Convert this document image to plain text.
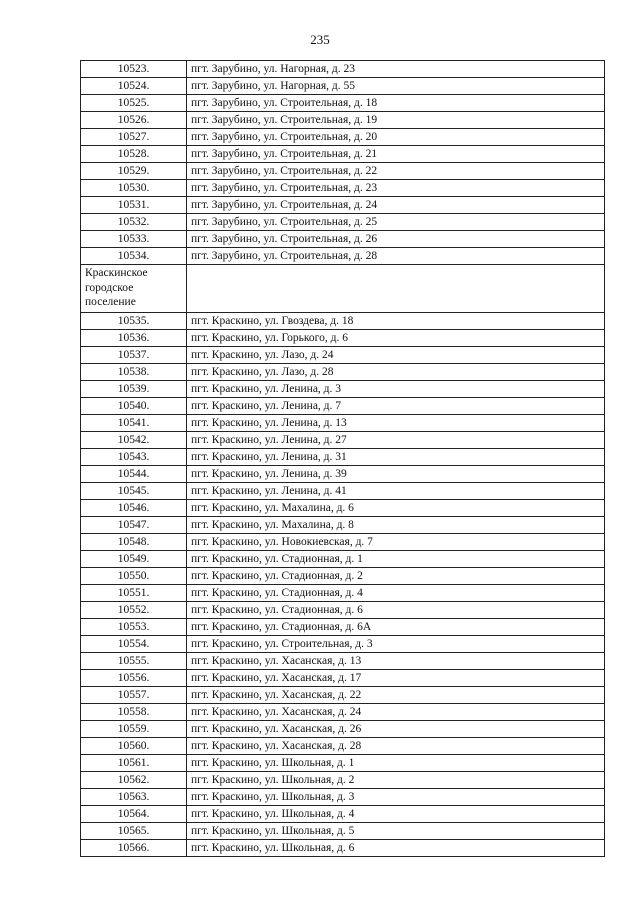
235
10523.	пгт. Зарубино, ул. Нагорная, д. 23
10524.	пгт. Зарубино, ул. Нагорная, д. 55
10525.	пгт. Зарубино, ул. Строительная, д. 18
10526.	пгт. Зарубино, ул. Строительная, д. 19
10527.	пгт. Зарубино, ул. Строительная, д. 20
10528.	пгт. Зарубино, ул. Строительная, д. 21
10529.	пгт. Зарубино, ул. Строительная, д. 22
10530.	пгт. Зарубино, ул. Строительная, д. 23
10531.	пгт. Зарубино, ул. Строительная, д. 24
10532.	пгт. Зарубино, ул. Строительная, д. 25
10533.	пгт. Зарубино, ул. Строительная, д. 26
10534.	пгт. Зарубино, ул. Строительная, д. 28
Краскинское городское поселение	
10535.	пгт. Краскино, ул. Гвоздева, д. 18
10536.	пгт. Краскино, ул. Горького, д. 6
10537.	пгт. Краскино, ул. Лазо, д. 24
10538.	пгт. Краскино, ул. Лазо, д. 28
10539.	пгт. Краскино, ул. Ленина, д. 3
10540.	пгт. Краскино, ул. Ленина, д. 7
10541.	пгт. Краскино, ул. Ленина, д. 13
10542.	пгт. Краскино, ул. Ленина, д. 27
10543.	пгт. Краскино, ул. Ленина, д. 31
10544.	пгт. Краскино, ул. Ленина, д. 39
10545.	пгт. Краскино, ул. Ленина, д. 41
10546.	пгт. Краскино, ул. Махалина, д. 6
10547.	пгт. Краскино, ул. Махалина, д. 8
10548.	пгт. Краскино, ул. Новокиевская, д. 7
10549.	пгт. Краскино, ул. Стадионная, д. 1
10550.	пгт. Краскино, ул. Стадионная, д. 2
10551.	пгт. Краскино, ул. Стадионная, д. 4
10552.	пгт. Краскино, ул. Стадионная, д. 6
10553.	пгт. Краскино, ул. Стадионная, д. 6А
10554.	пгт. Краскино, ул. Строительная, д. 3
10555.	пгт. Краскино, ул. Хасанская, д. 13
10556.	пгт. Краскино, ул. Хасанская, д. 17
10557.	пгт. Краскино, ул. Хасанская, д. 22
10558.	пгт. Краскино, ул. Хасанская, д. 24
10559.	пгт. Краскино, ул. Хасанская, д. 26
10560.	пгт. Краскино, ул. Хасанская, д. 28
10561.	пгт. Краскино, ул. Школьная, д. 1
10562.	пгт. Краскино, ул. Школьная, д. 2
10563.	пгт. Краскино, ул. Школьная, д. 3
10564.	пгт. Краскино, ул. Школьная, д. 4
10565.	пгт. Краскино, ул. Школьная, д. 5
10566.	пгт. Краскино, ул. Школьная, д. 6
